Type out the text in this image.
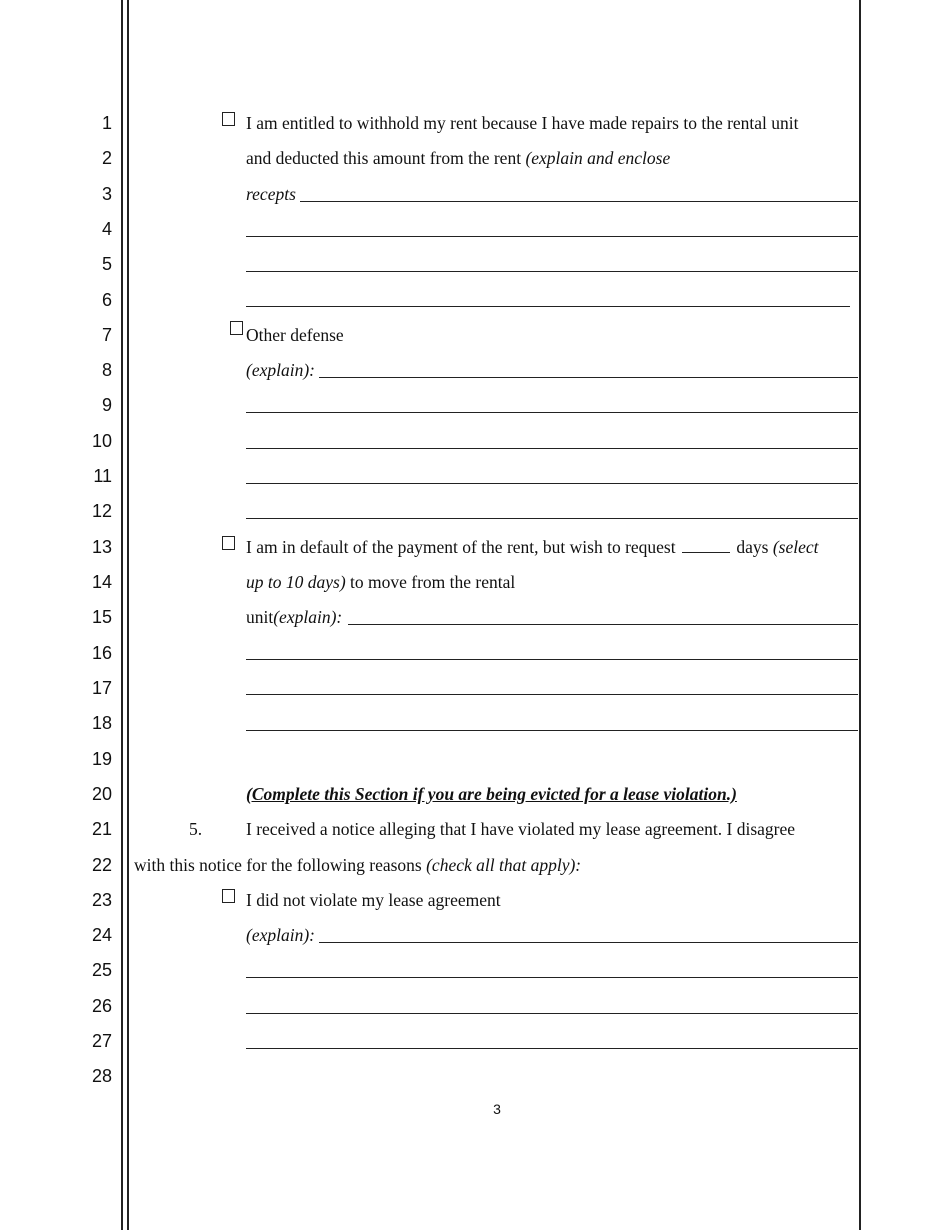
1
2
3
4
5
6
7
8
9
10
11
12
13
14
15
16
17
18
19
20
21
22
23
24
25
26
27
28
I am entitled to withhold my rent because I have made repairs to the rental unit
and deducted this amount from the rent (explain and enclose
recepts
Other defense
(explain):
I am in default of the payment of the rent, but wish to request	days (select
up to 10 days) to move from the rental
unit(explain):
(Complete this Section if you are being evicted for a lease violation.)
5.	I received a notice alleging that I have violated my lease agreement. I disagree
with this notice for the following reasons (check all that apply):
I did not violate my lease agreement
(explain):
3
